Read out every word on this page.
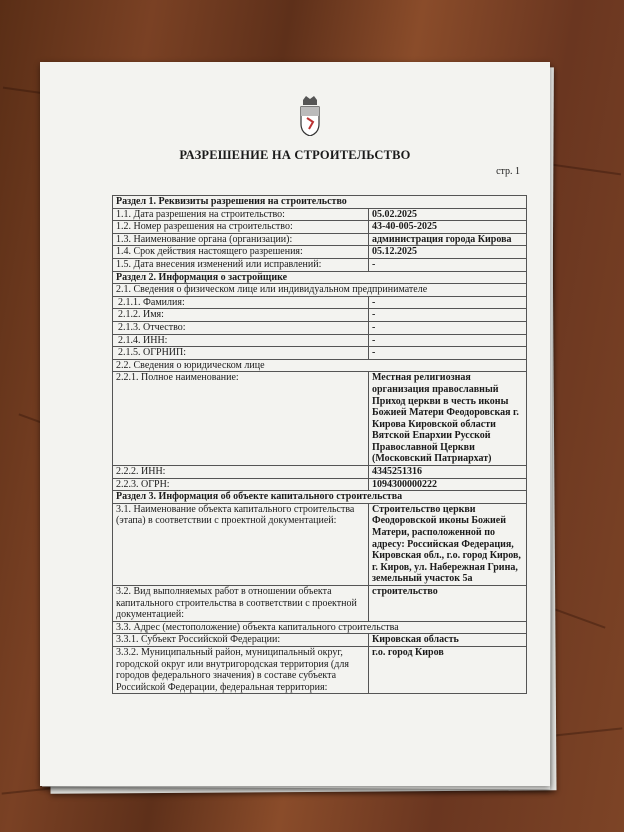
РАЗРЕШЕНИЕ НА СТРОИТЕЛЬСТВО
стр. 1
Раздел 1. Реквизиты разрешения на строительство	
1.1. Дата разрешения на строительство:	05.02.2025
1.2. Номер разрешения на строительство:	43-40-005-2025
1.3. Наименование органа (организации):	администрация города Кирова
1.4. Срок действия настоящего разрешения:	05.12.2025
1.5. Дата внесения изменений или исправлений:	-
Раздел 2. Информация о застройщике	
2.1. Сведения о физическом лице или индивидуальном предпринимателе	
2.1.1. Фамилия:	-
2.1.2. Имя:	-
2.1.3. Отчество:	-
2.1.4. ИНН:	-
2.1.5. ОГРНИП:	-
2.2. Сведения о юридическом лице	
2.2.1. Полное наименование:	Местная религиозная организация православный Приход церкви в честь иконы Божией Матери Феодоровская г. Кирова Кировской области Вятской Епархии Русской Православной Церкви (Московский Патриархат)
2.2.2. ИНН:	4345251316
2.2.3. ОГРН:	1094300000222
Раздел 3. Информация об объекте капитального строительства	
3.1. Наименование объекта капитального строительства (этапа) в соответствии с проектной документацией:	Строительство церкви Феодоровской иконы Божией Матери, расположенной по адресу: Российская Федерация, Кировская обл., г.о. город Киров, г. Киров, ул. Набережная Грина, земельный участок 5а
3.2. Вид выполняемых работ в отношении объекта капитального строительства в соответствии с проектной документацией:	строительство
3.3. Адрес (местоположение) объекта капитального строительства	
3.3.1. Субъект Российской Федерации:	Кировская область
3.3.2. Муниципальный район, муниципальный округ, городской округ или внутригородская территория (для городов федерального значения) в составе субъекта Российской Федерации, федеральная территория:	г.о. город Киров
